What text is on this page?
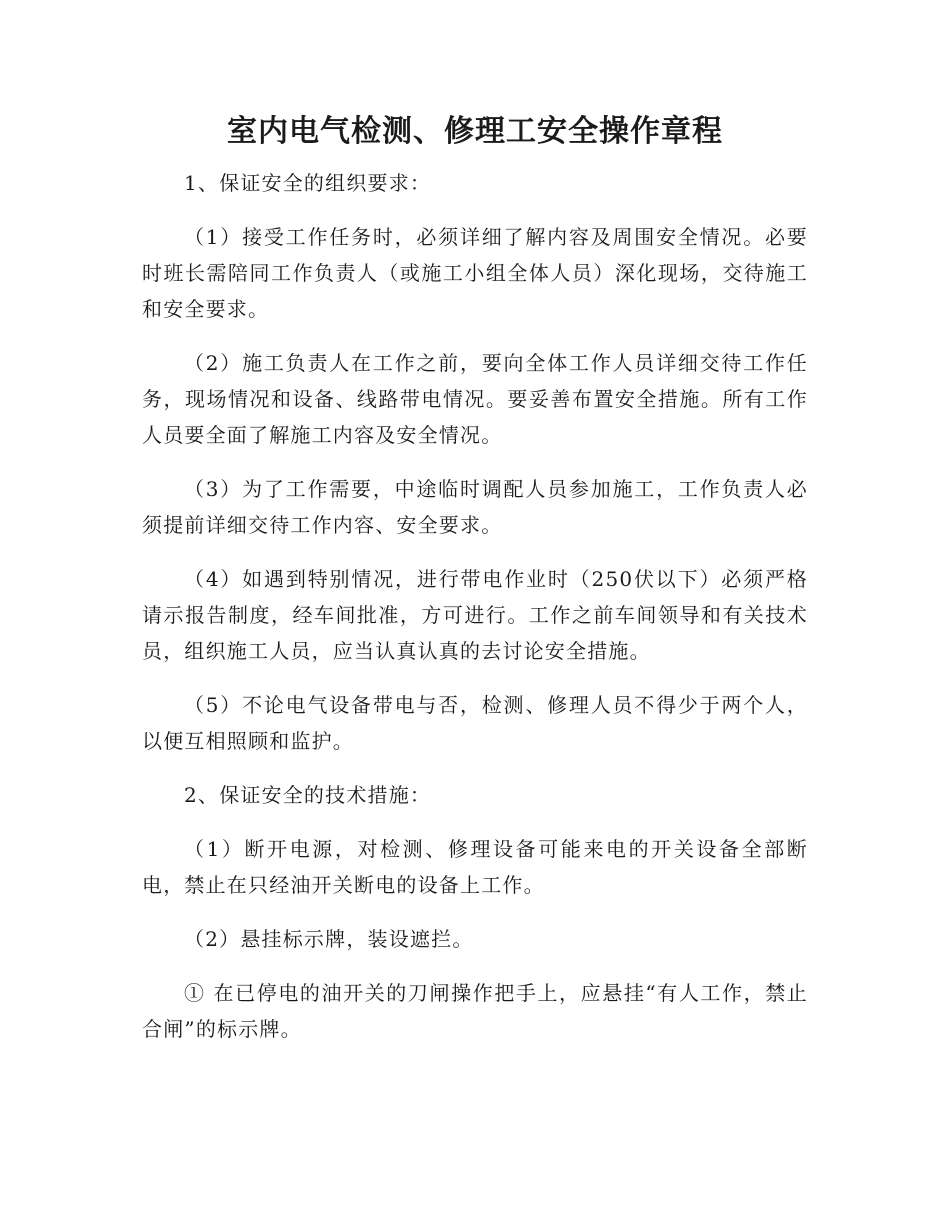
室内电气检测、修理工安全操作章程

1、保证安全的组织要求：

（1）接受工作任务时，必须详细了解内容及周围安全情况。必要时班长需陪同工作负责人（或施工小组全体人员）深化现场，交待施工和安全要求。

（2）施工负责人在工作之前，要向全体工作人员详细交待工作任务，现场情况和设备、线路带电情况。要妥善布置安全措施。所有工作人员要全面了解施工内容及安全情况。

（3）为了工作需要，中途临时调配人员参加施工，工作负责人必须提前详细交待工作内容、安全要求。

（4）如遇到特别情况，进行带电作业时（250伏以下）必须严格请示报告制度，经车间批准，方可进行。工作之前车间领导和有关技术员，组织施工人员，应当认真认真的去讨论安全措施。

（5）不论电气设备带电与否，检测、修理人员不得少于两个人，以便互相照顾和监护。

2、保证安全的技术措施：

（1）断开电源，对检测、修理设备可能来电的开关设备全部断电，禁止在只经油开关断电的设备上工作。

（2）悬挂标示牌，装设遮拦。

① 在已停电的油开关的刀闸操作把手上，应悬挂“有人工作，禁止合闸”的标示牌。
